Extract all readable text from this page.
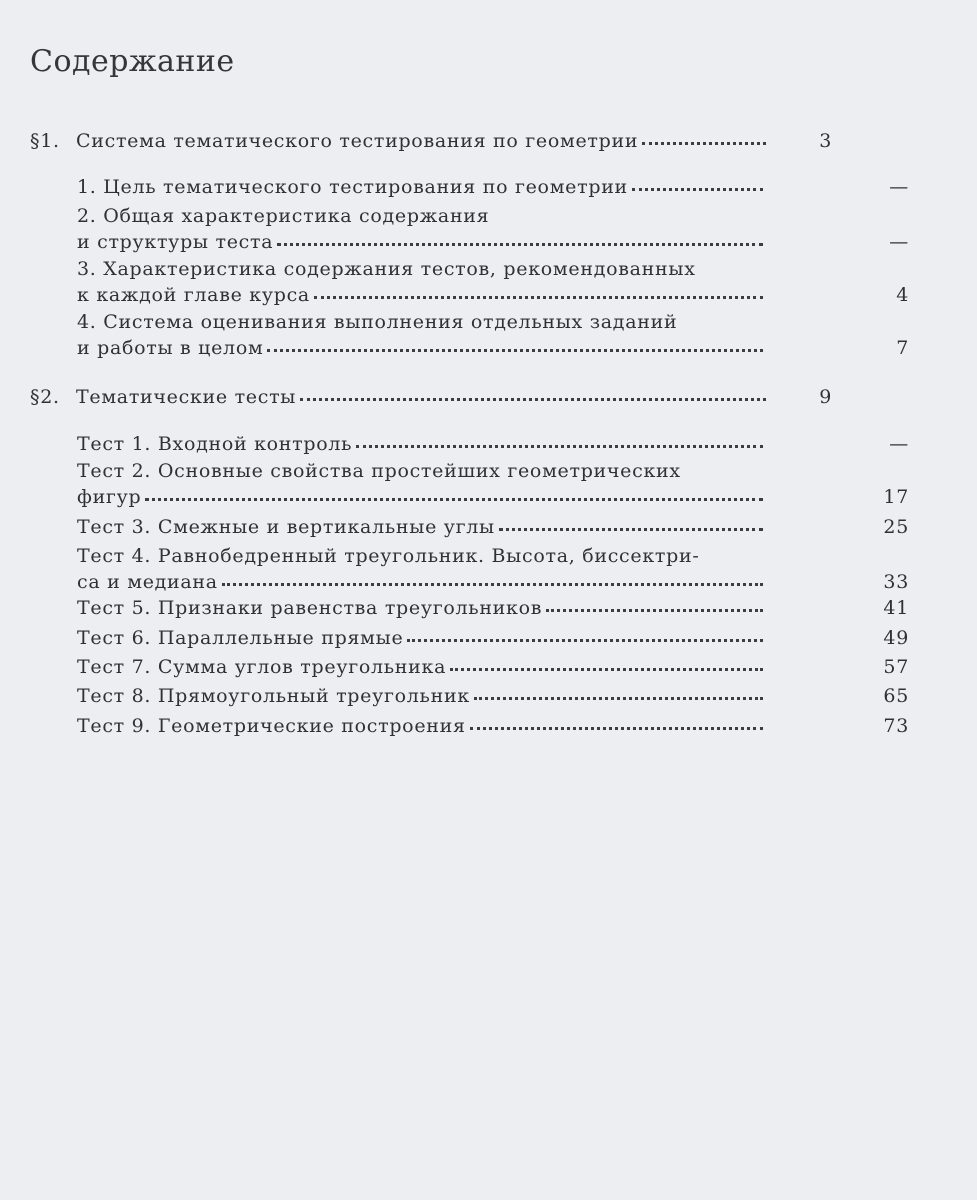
Содержание
§1. Система тематического тестирования по геометрии	3
1. Цель тематического тестирования по геометрии	—
2. Общая характеристика содержания
и структуры теста	—
3. Характеристика содержания тестов, рекомендованных
к каждой главе курса	4
4. Система оценивания выполнения отдельных заданий
и работы в целом	7
§2. Тематические тесты	9
Тест 1. Входной контроль	—
Тест 2. Основные свойства простейших геометрических
фигур	17
Тест 3. Смежные и вертикальные углы	25
Тест 4. Равнобедренный треугольник. Высота, биссектри-
са и медиана	33
Тест 5. Признаки равенства треугольников	41
Тест 6. Параллельные прямые	49
Тест 7. Сумма углов треугольника	57
Тест 8. Прямоугольный треугольник	65
Тест 9. Геометрические построения	73
